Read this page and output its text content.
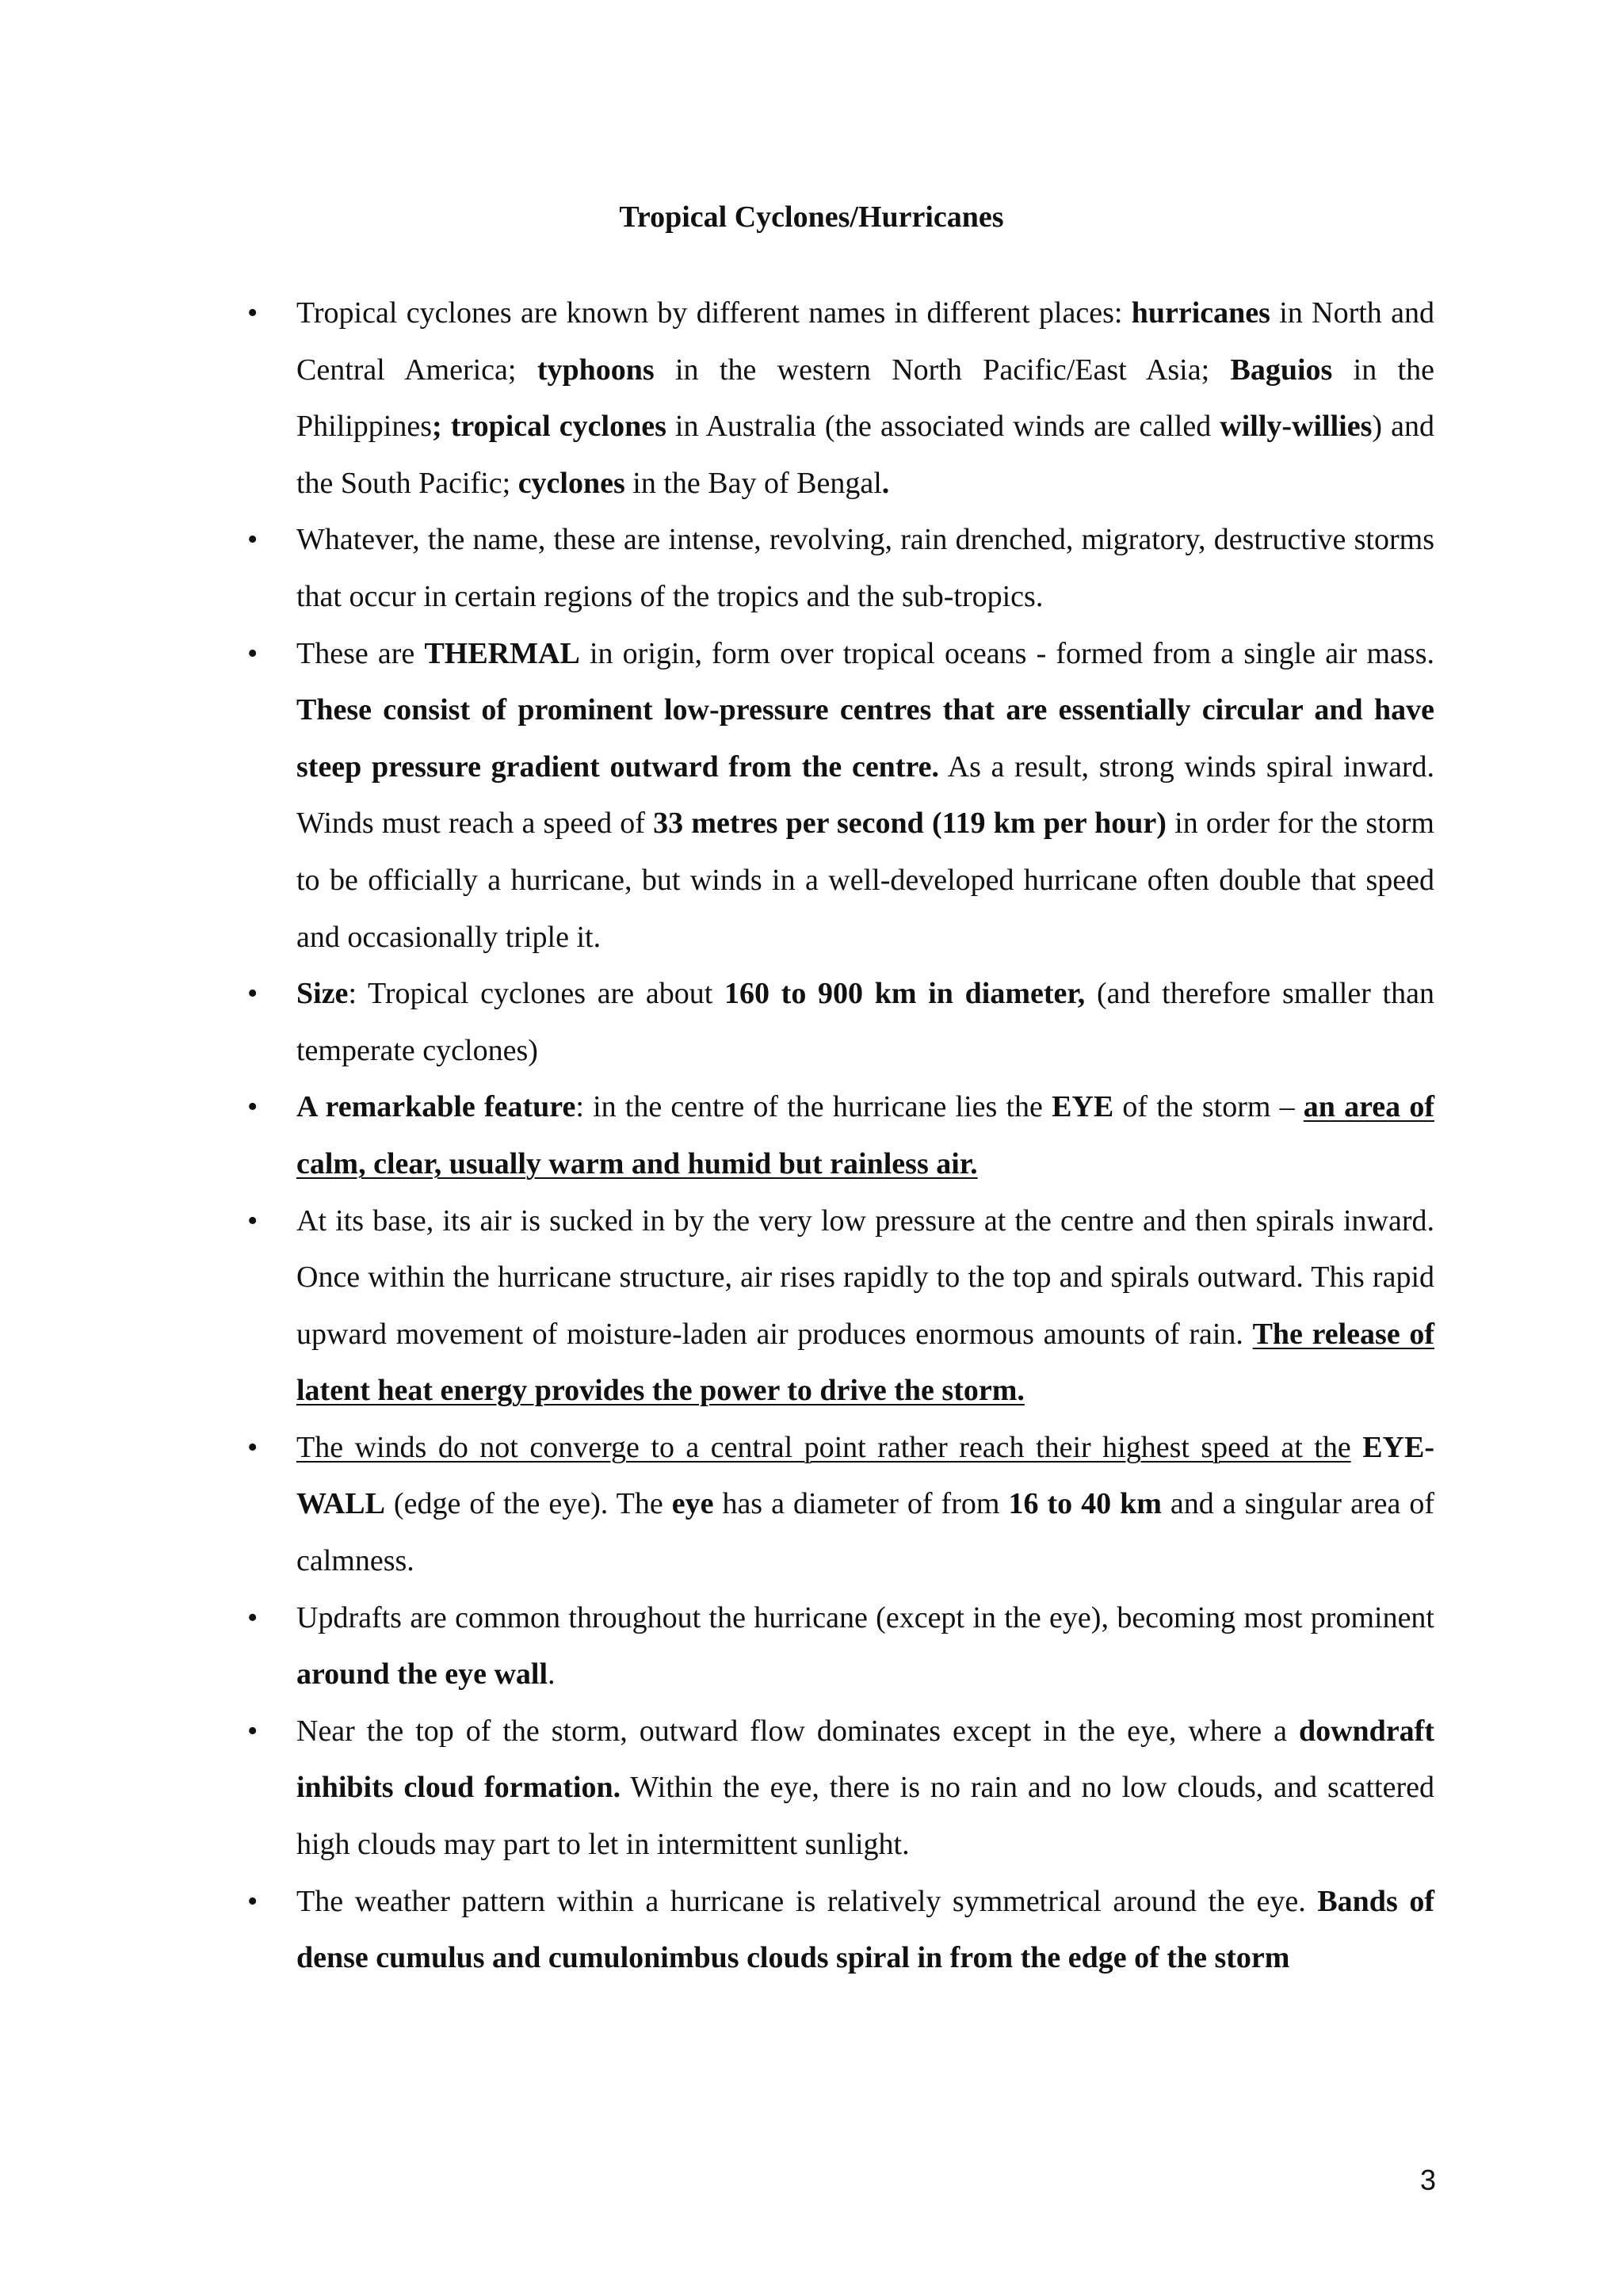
Tropical Cyclones/Hurricanes
• Tropical cyclones are known by different names in different places: hurricanes in North and Central America; typhoons in the western North Pacific/East Asia; Baguios in the Philippines; tropical cyclones in Australia (the associated winds are called willy-willies) and the South Pacific; cyclones in the Bay of Bengal.
• Whatever, the name, these are intense, revolving, rain drenched, migratory, destructive storms that occur in certain regions of the tropics and the sub-tropics.
• These are THERMAL in origin, form over tropical oceans - formed from a single air mass. These consist of prominent low-pressure centres that are essentially circular and have steep pressure gradient outward from the centre. As a result, strong winds spiral inward. Winds must reach a speed of 33 metres per second (119 km per hour) in order for the storm to be officially a hurricane, but winds in a well-developed hurricane often double that speed and occasionally triple it.
• Size: Tropical cyclones are about 160 to 900 km in diameter, (and therefore smaller than temperate cyclones)
• A remarkable feature: in the centre of the hurricane lies the EYE of the storm – an area of calm, clear, usually warm and humid but rainless air.
• At its base, its air is sucked in by the very low pressure at the centre and then spirals inward. Once within the hurricane structure, air rises rapidly to the top and spirals outward. This rapid upward movement of moisture-laden air produces enormous amounts of rain. The release of latent heat energy provides the power to drive the storm.
• The winds do not converge to a central point rather reach their highest speed at the EYE-WALL (edge of the eye). The eye has a diameter of from 16 to 40 km and a singular area of calmness.
• Updrafts are common throughout the hurricane (except in the eye), becoming most prominent around the eye wall.
• Near the top of the storm, outward flow dominates except in the eye, where a downdraft inhibits cloud formation. Within the eye, there is no rain and no low clouds, and scattered high clouds may part to let in intermittent sunlight.
• The weather pattern within a hurricane is relatively symmetrical around the eye. Bands of dense cumulus and cumulonimbus clouds spiral in from the edge of the storm

3
